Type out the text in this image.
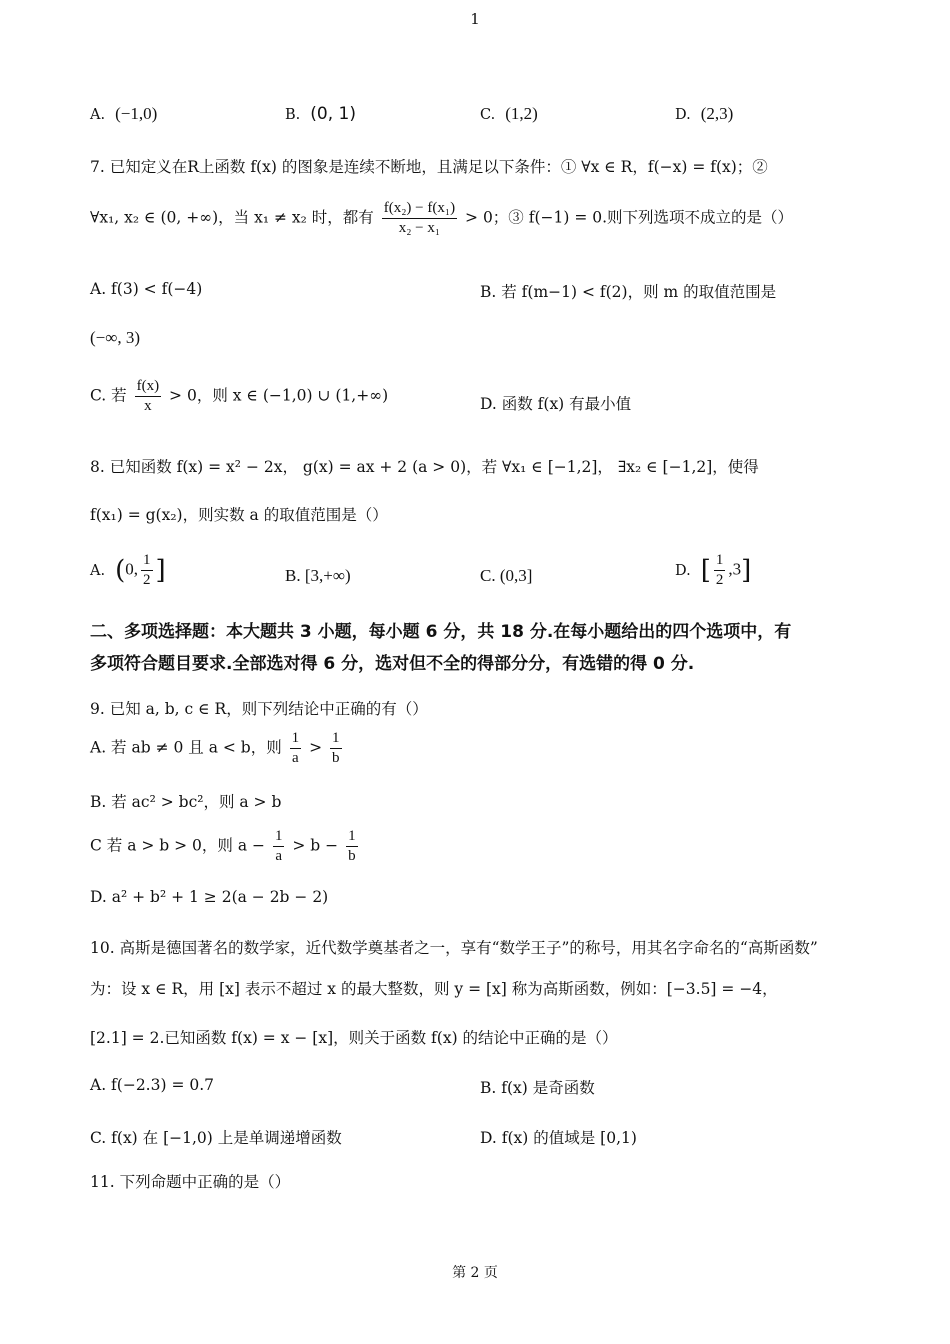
1
A. (−1,0)	B. (0, 1)	C. (1,2)	D. (2,3)
7. 已知定义在R上函数 f(x) 的图象是连续不断地，且满足以下条件：① ∀x ∈ R，f(−x) = f(x)；②
∀x₁, x₂ ∈ (0, +∞)，当 x₁ ≠ x₂ 时，都有 $\frac{\text{f(x₂) − f(x₁)}}{\text{x₂ − x₁}} > 0$；③ f(−1) = 0.则下列选项不成立的是（）
A. f(3) < f(−4)	B. 若 f(m−1) < f(2)，则 m 的取值范围是
(−∞, 3)
C. 若 $\frac{f(x)}{x} > 0$，则 x ∈ (−1,0) ∪ (1,+∞)	D. 函数 f(x) 有最小值
8. 已知函数 f(x) = x² − 2x， g(x) = ax + 2 (a > 0)，若 ∀x₁ ∈ [−1,2]， ∃x₂ ∈ [−1,2]，使得
f(x₁) = g(x₂)，则实数 a 的取值范围是（）
A. (0, $\frac{1}{2}$ ]	B. [3,+∞)	C. (0,3]	D. [ $\frac{1}{2} ,3$]
二、多项选择题：本大题共 3 小题，每小题 6 分，共 18 分.在每小题给出的四个选项中，有
多项符合题目要求.全部选对得 6 分，选对但不全的得部分分，有选错的得 0 分.
9. 已知 a, b, c ∈ R，则下列结论中正确的有（）
A. 若 ab ≠ 0 且 a < b，则 $\frac{1}{a} > \frac{1}{b}$
B. 若 ac² > bc²，则 a > b
C 若 a > b > 0，则 $a - \frac{1}{a} > b - \frac{1}{b}$
D. a² + b² + 1 ≥ 2(a − 2b − 2)
10. 高斯是德国著名的数学家，近代数学奠基者之一，享有“数学王子”的称号，用其名字命名的“高斯函数”
为：设 x ∈ R，用 [x] 表示不超过 x 的最大整数，则 y = [x] 称为高斯函数，例如：[−3.5] = −4，
[2.1] = 2.已知函数 f(x) = x − [x]，则关于函数 f(x) 的结论中正确的是（）
A. f(−2.3) = 0.7	B. f(x) 是奇函数
C. f(x) 在 [−1,0) 上是单调递增函数	D. f(x) 的值域是 [0,1)
11. 下列命题中正确的是（）
第 2 页
